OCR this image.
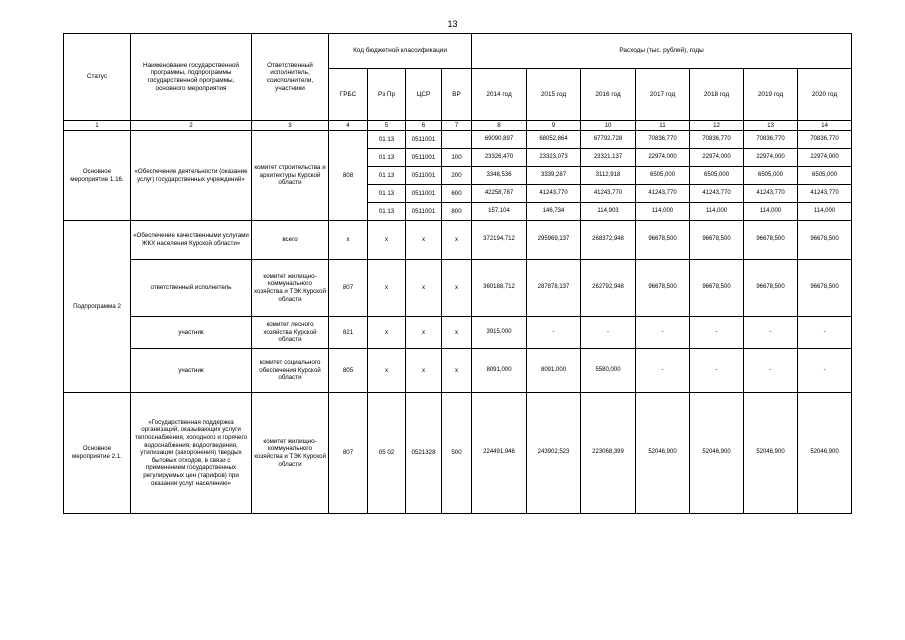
13
Статус	Наименование государственной программы, подпрограммы государственной программы, основного мероприятия	Ответственный исполнитель, соисполнители, участники	Код бюджетной классификации				Расходы (тыс. рублей), годы						
			ГРБС	Рз Пр	ЦСР	ВР	2014 год	2015 год	2016 год	2017 год	2018 год	2019 год	2020 год
1	2	3	4	5	6	7	8	9	10	11	12	13	14
Основное мероприятие 1.16.	«Обеспечение деятельности (оказание услуг) государственных учреждений»	комитет строительства и архитектуры Курской области	808	01 13	0511001		69090,897	68052,864	67792,728	70836,770	70836,770	70836,770	70836,770
				01 13	0511001	100	23326,470	23323,073	23321,137	22974,000	22974,000	22974,000	22974,000
				01 13	0511001	200	3348,536	3339,287	3112,918	6505,000	6505,000	6505,000	6505,000
				01 13	0511001	600	42258,787	41243,770	41243,770	41243,770	41243,770	41243,770	41243,770
				01 13	0511001	800	157,104	146,734	114,903	114,000	114,000	114,000	114,000
Подпрограмма 2	«Обеспечение качественными услугами ЖКХ населения Курской области»	всего	x	x	x	x	372194,712	295969,137	268372,948	96678,500	96678,500	96678,500	96678,500
	ответственный исполнитель	комитет жилищно-коммунального хозяйства и ТЭК Курской области	807	x	x	x	360188,712	287878,137	262792,948	96678,500	96678,500	96678,500	96678,500
	участник	комитет лесного хозяйства Курской области	821	x	x	x	3915,000	-	-	-	-	-	-
	участник	комитет социального обеспечения Курской области	805	x	x	x	8091,000	8091,000	5580,000	-	-	-	-
Основное мероприятие 2.1.	«Государственная поддержка организаций, оказывающих услуги теплоснабжения, холодного и горячего водоснабжения, водоотведения, утилизации (захоронения) твердых бытовых отходов, в связи с применением государственных регулируемых цен (тарифов) при оказании услуг населению»	комитет жилищно-коммунального хозяйства и ТЭК Курской области	807	05 02	0521328	500	224491,946	243902,523	223068,399	52046,900	52046,900	52046,900	52046,900
